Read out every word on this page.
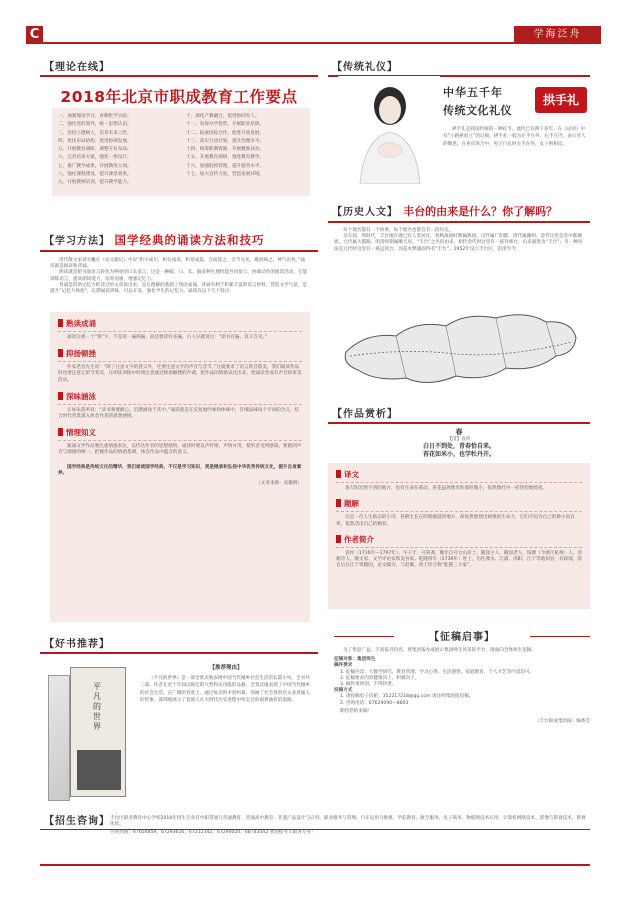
C	学海泛舟
【理论在线】
2018年北京市职成教育工作要点
一、加强理论学习，喜聊化学实验。
二、强化党的领导，统一思想认识。
三、坚持立德树人，培育未来工匠。
四、优化布局结构，促进协调发展。
五、开展教育调研，调整专业布局。
六、完善培养方案，强化一体设计。
七、推广教学成果，开展教改立项。
八、强化课程建设，提升课堂效果。
九、开展教师培训，提升教学能力。
十、深化产教融合，促进协同育人。
十一、发挥办学优势，开展职业培训。
十二、拓展国际合作，促进开放发展。
十三、落实行动计划，提升治理水平。
十四、统筹职教资源，开展精准扶贫。
十五、开展教育调研，推进教育教学。
十六、加强院校管理，提升服务水平。
十七、加大宣传力度，营造发展环境。
【学习方法】 国学经典的诵读方法和技巧
清代散文家刘大櫆在《论文偶记》中说“积字成句，积句成章，积章成篇，合而读之，音节见矣，歌而咏之，神气出矣。”诵读就是朗读和背诵。
朗读就是把书面语言转化为响亮的口头语言，这是一种眼、口、耳、脑多种生理机能共同参与、协调动作的阅读活动。它能训练语言，提高朗读能力，培养语感，增强记忆力。
背诵是借助记忆力把读过的文章说出来，是在理解的基础上熟读成诵，背诵有利于积累丰富的语言材料，营造文学气氛，是提升“记忆力体验”，长期诵读训练，可以开发、强化学生的记忆力。诵读有以下几个特点：
熟读成诵
诵读注重一个“熟”字，不是读一遍两遍，而是要读好多遍。古人早就说过：“读书百遍，其义自见。”
抑扬顿挫
作家老舍先生说：“除了注意文字的意义外，还要注意文字的声音与音节。”这就要求了语言的音韵美。我们诵读作品时也要注意它的节奏美，在朗读训练中时刻注意通过抑扬顿挫的声调，把作品的情感表达出来，把诵读变成有声音的审美活动。
深味涵泳
正如朱熹所说：“读书须要耐心，沉潜涵泳于其中。”诵读就是在反复地吟咏和体味中，仔细品味每个字词的含义，结合时代背景深入体会作者的思想感情。
情理知义
跟诵文学作品要注重情感表达，以传达作者的思想感情，诵读时要以声传情，声情并茂，使听者受到感染。要做到声音与情感的统一，把握作品的情感基调，体会作品中蕴含的意义。
国学经典是传统文化的精华，我们诵读国学经典，不仅是学习知识，更是继承和弘扬中华优秀传统文化，提升自身素养。
（文章来源：安徽网）
【好书推荐】
平凡的世界
【推荐理由】
《平凡的世界》是一部全景式地表现中国当代城乡社会生活的长篇小说，全书共三部。作者在近十年间以恢宏的气势和史诗般的品格，全景式地表现了中国当代城乡的社会生活。在广阔的背景上，通过复杂的矛盾纠葛，刻画了社会各阶层众多普通人的形象，深刻地展示了普通人在大时代历史进程中所走过的艰难曲折的道路。
【传统礼仪】
中华五千年
传统文化礼仪
拱手礼
拱手礼是我国传统的一种礼节，流传已有两千多年，在《论语》中有“子路拱而立”的记载。拱手礼一般为左手在外，右手在内，表示对人的敬意。在喜庆场合中，男子行礼时左手在外，女子则相反。
【历史人文】 丰台的由来是什么？你了解吗？
每个地名都有一个故事，每个地名也都会有一段历史。
早在商、周时代，丰台地区就已有人类居住，春秋战国时期属燕国，汉代属广阳郡，唐代属幽州。金代这里是金中都城郊，元代属大都路，明清时期属顺天府。“丰台”之名的由来，相传金代时这里有一座拜郊台，后来演变为“丰台”；另一种说法是元代时这里有一座远风台，因花木繁盛而得名“丰台”。1952年设立丰台区，沿用至今。
【作品赏析】
春
【清】袁枚
白日不到处，青春恰自来。
苔花如米小，也学牡丹开。
译文
春天阳光照不到的地方，也有生命在萌动，苔花虽然像米粒那样微小，依然像牡丹一样热烈地绽放。
题解
这是一首人生励志的小诗。苔藓生长在阴暗潮湿的地方，却依然展现出顽强的生命力，它们不因为自己的渺小而自卑，依然活出自己的精彩。
作者简介
袁枚（1716年—1797年），字子才，号简斋，晚年自号仓山居士、随园主人、随园老人，钱塘（今浙江杭州）人，清朝诗人、散文家、文学评论家和美食家。乾隆四年（1739年）进士，历任溧水、江浦、沭阳、江宁等地知县，有政绩，辞官后在江宁筑随园，论文赋诗，与赵翼、蒋士铨合称“乾隆三大家”。
【征稿启事】
为了集思广益，丰富报刊内容，将集团报办成展示集团师生风采的平台，现面向全体师生征稿。
征稿对象：集团师生
稿件要求
1. 征稿内容：大数学研究、教育管理、学习心得、生活感悟、家庭教育、个人才艺等内容均可。
2. 征稿要求内容健康向上，积极向上。
3. 稿件须原创，不得抄袭。
投稿方式
1. 请投稿电子信箱：352217218@qq.com 请注明集团报投稿。
2. 咨询电话：67629090—8803
期待您的来稿！
（丰台职成集团报）编委会
【招生咨询】 丰台区职业教育中心学校2018年招生专业有中职贯通与普通教育、普通高中教育、非遗产品设计与应用、职业服务与管理、汽车运用与维修、学前教育、航空服务、电子商务、物联网技术应用、计算机网络技术、影像与影视技术、影视化妆。
咨询热线：67654859、67293616、67212342、67290020、68743542 欢迎报考丰职各专业！
